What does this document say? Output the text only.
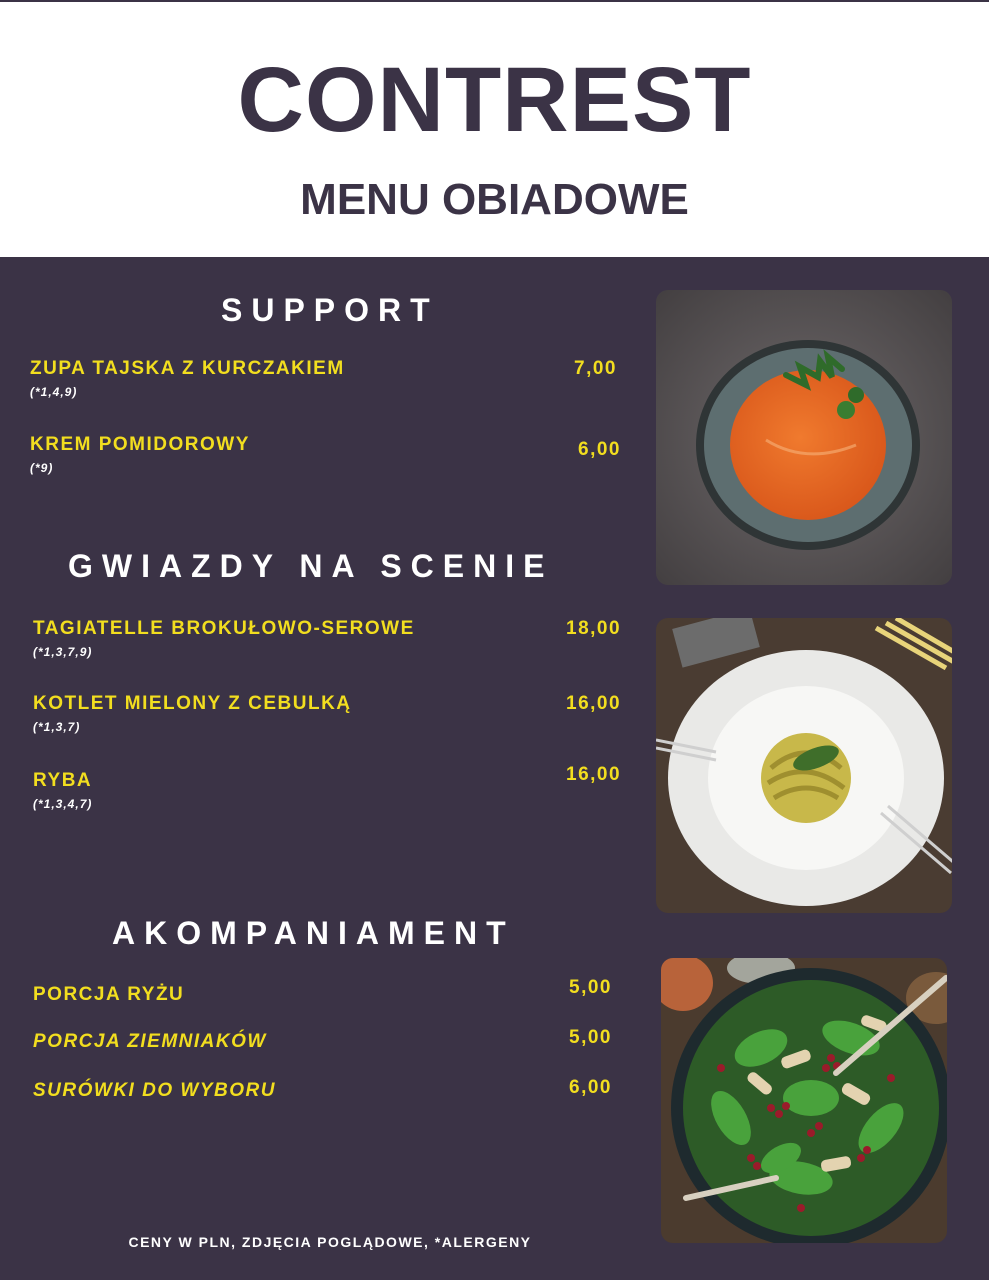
CONTREST
MENU OBIADOWE
SUPPORT
ZUPA TAJSKA Z KURCZAKIEM
(*1,4,9)
7,00
KREM POMIDOROWY
(*9)
6,00
GWIAZDY NA SCENIE
TAGIATELLE BROKUŁOWO-SEROWE
(*1,3,7,9)
18,00
KOTLET MIELONY Z CEBULKĄ
(*1,3,7)
16,00
RYBA
(*1,3,4,7)
16,00
AKOMPANIAMENT
PORCJA RYŻU	5,00
PORCJA ZIEMNIAKÓW	5,00
SURÓWKI DO WYBORU	6,00
CENY W PLN, ZDJĘCIA POGLĄDOWE, *ALERGENY
